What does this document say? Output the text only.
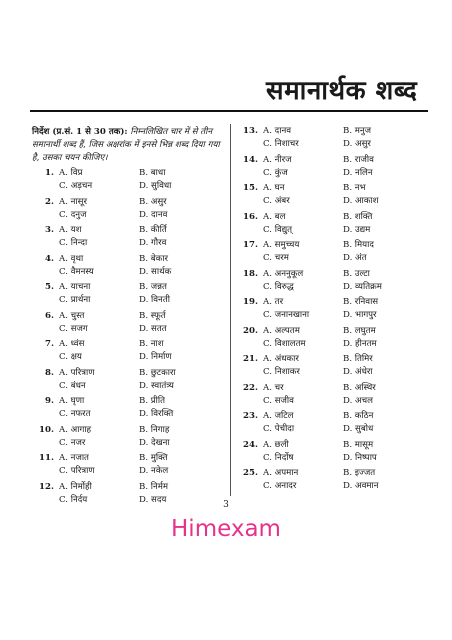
समानार्थक शब्द
निर्देश (प्र.सं. 1 से 30 तक): निम्नलिखित चार में से तीन समानार्थी शब्द हैं, जिस अक्षरांक में इनसे भिन्न शब्द दिया गया है, उसका चयन कीजिए।
1. A. विप्र	B. बाधा
C. अड़चन	D. सुविधा
2. A. नासूर	B. असुर
C. दनुज	D. दानव
3. A. यश	B. कीर्ति
C. निन्दा	D. गौरव
4. A. वृथा	B. बेकार
C. वैमनस्य	D. सार्थक
5. A. याचना	B. जन्नत
C. प्रार्थना	D. विनती
6. A. चुस्त	B. स्फूर्त
C. सजग	D. सतत
7. A. ध्वंस	B. नाश
C. क्षय	D. निर्माण
8. A. परित्राण	B. छुटकारा
C. बंधन	D. स्वातंत्र्य
9. A. घृणा	B. प्रीति
C. नफरत	D. विरक्ति
10. A. आगाह	B. निगाह
C. नजर	D. देखना
11. A. नजात	B. मुक्ति
C. परित्राण	D. नकेल
12. A. निर्मोही	B. निर्मम
C. निर्दय	D. सदय
13. A. दानव	B. मनुज
C. निशाचर	D. असुर
14. A. नीरज	B. राजीव
C. कुंज	D. नलिन
15. A. घन	B. नभ
C. अंबर	D. आकाश
16. A. बल	B. शक्ति
C. विद्युत्	D. उद्यम
17. A. समुच्चय	B. मियाद
C. चरम	D. अंत
18. A. अननुकूल	B. उल्टा
C. विरुद्ध	D. व्यतिक्रम
19. A. तर	B. रनिवास
C. जनानखाना	D. भागपुर
20. A. अल्पतम	B. लघुतम
C. विशालतम	D. हीनतम
21. A. अंधकार	B. तिमिर
C. निशाकर	D. अंधेरा
22. A. चर	B. अस्थिर
C. सजीव	D. अचल
23. A. जटिल	B. कठिन
C. पेचीदा	D. सुबोध
24. A. छली	B. मासूम
C. निर्दोष	D. निष्पाप
25. A. अपमान	B. इज्जत
C. अनादर	D. अवमान
3
Himexam
